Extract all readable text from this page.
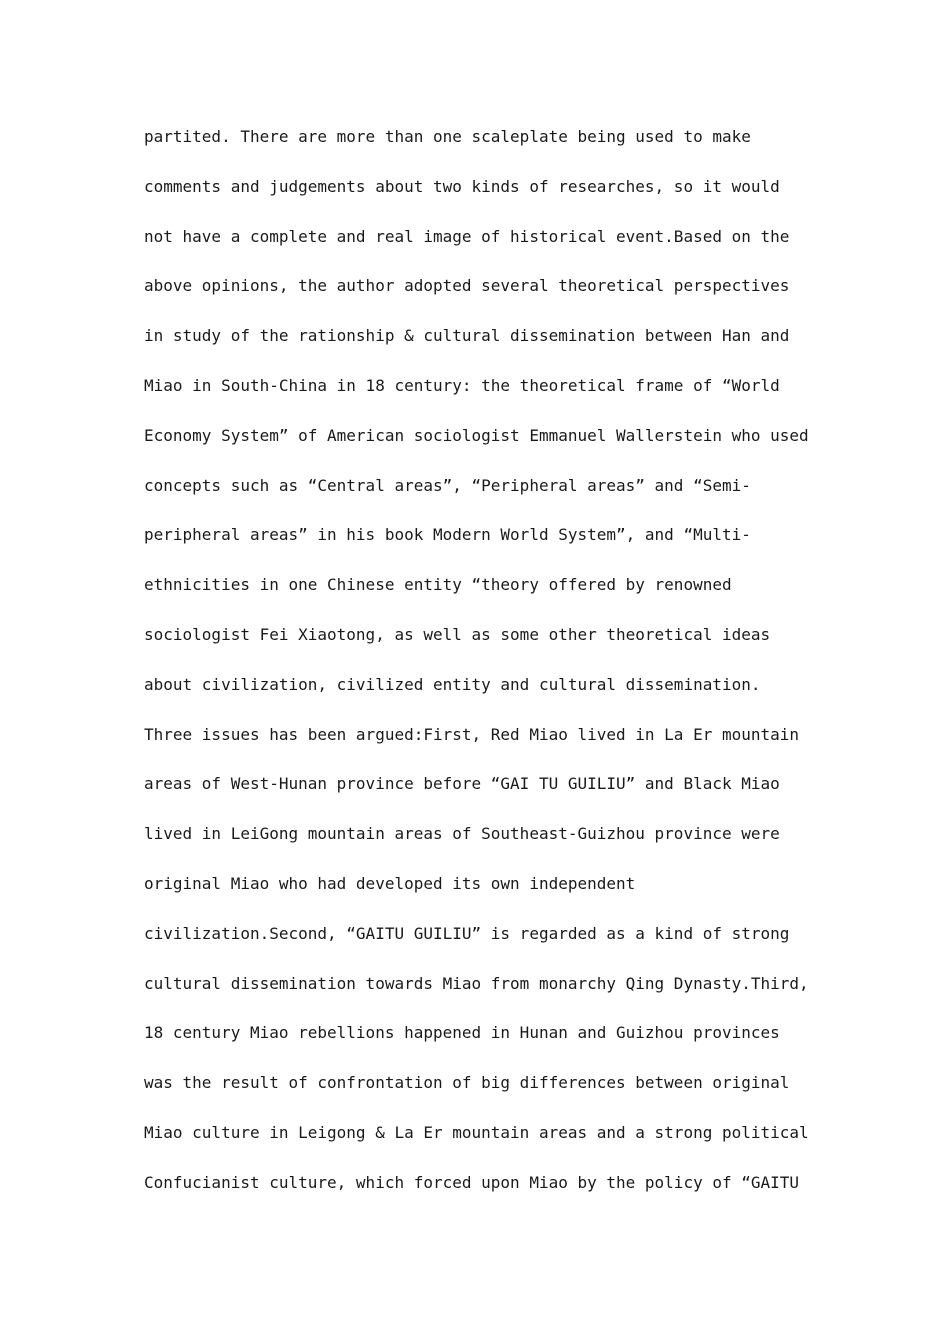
partited. There are more than one scaleplate being used to make
comments and judgements about two kinds of researches, so it would
not have a complete and real image of historical event.Based on the
above opinions, the author adopted several theoretical perspectives
in study of the rationship & cultural dissemination between Han and
Miao in South-China in 18 century: the theoretical frame of “World
Economy System” of American sociologist Emmanuel Wallerstein who used
concepts such as “Central areas”, “Peripheral areas” and “Semi-
peripheral areas” in his book Modern World System”, and “Multi-
ethnicities in one Chinese entity “theory offered by renowned
sociologist Fei Xiaotong, as well as some other theoretical ideas
about civilization, civilized entity and cultural dissemination.
Three issues has been argued:First, Red Miao lived in La Er mountain
areas of West-Hunan province before “GAI TU GUILIU” and Black Miao
lived in LeiGong mountain areas of Southeast-Guizhou province were
original Miao who had developed its own independent
civilization.Second, “GAITU GUILIU” is regarded as a kind of strong
cultural dissemination towards Miao from monarchy Qing Dynasty.Third,
18 century Miao rebellions happened in Hunan and Guizhou provinces
was the result of confrontation of big differences between original
Miao culture in Leigong & La Er mountain areas and a strong political
Confucianist culture, which forced upon Miao by the policy of “GAITU
